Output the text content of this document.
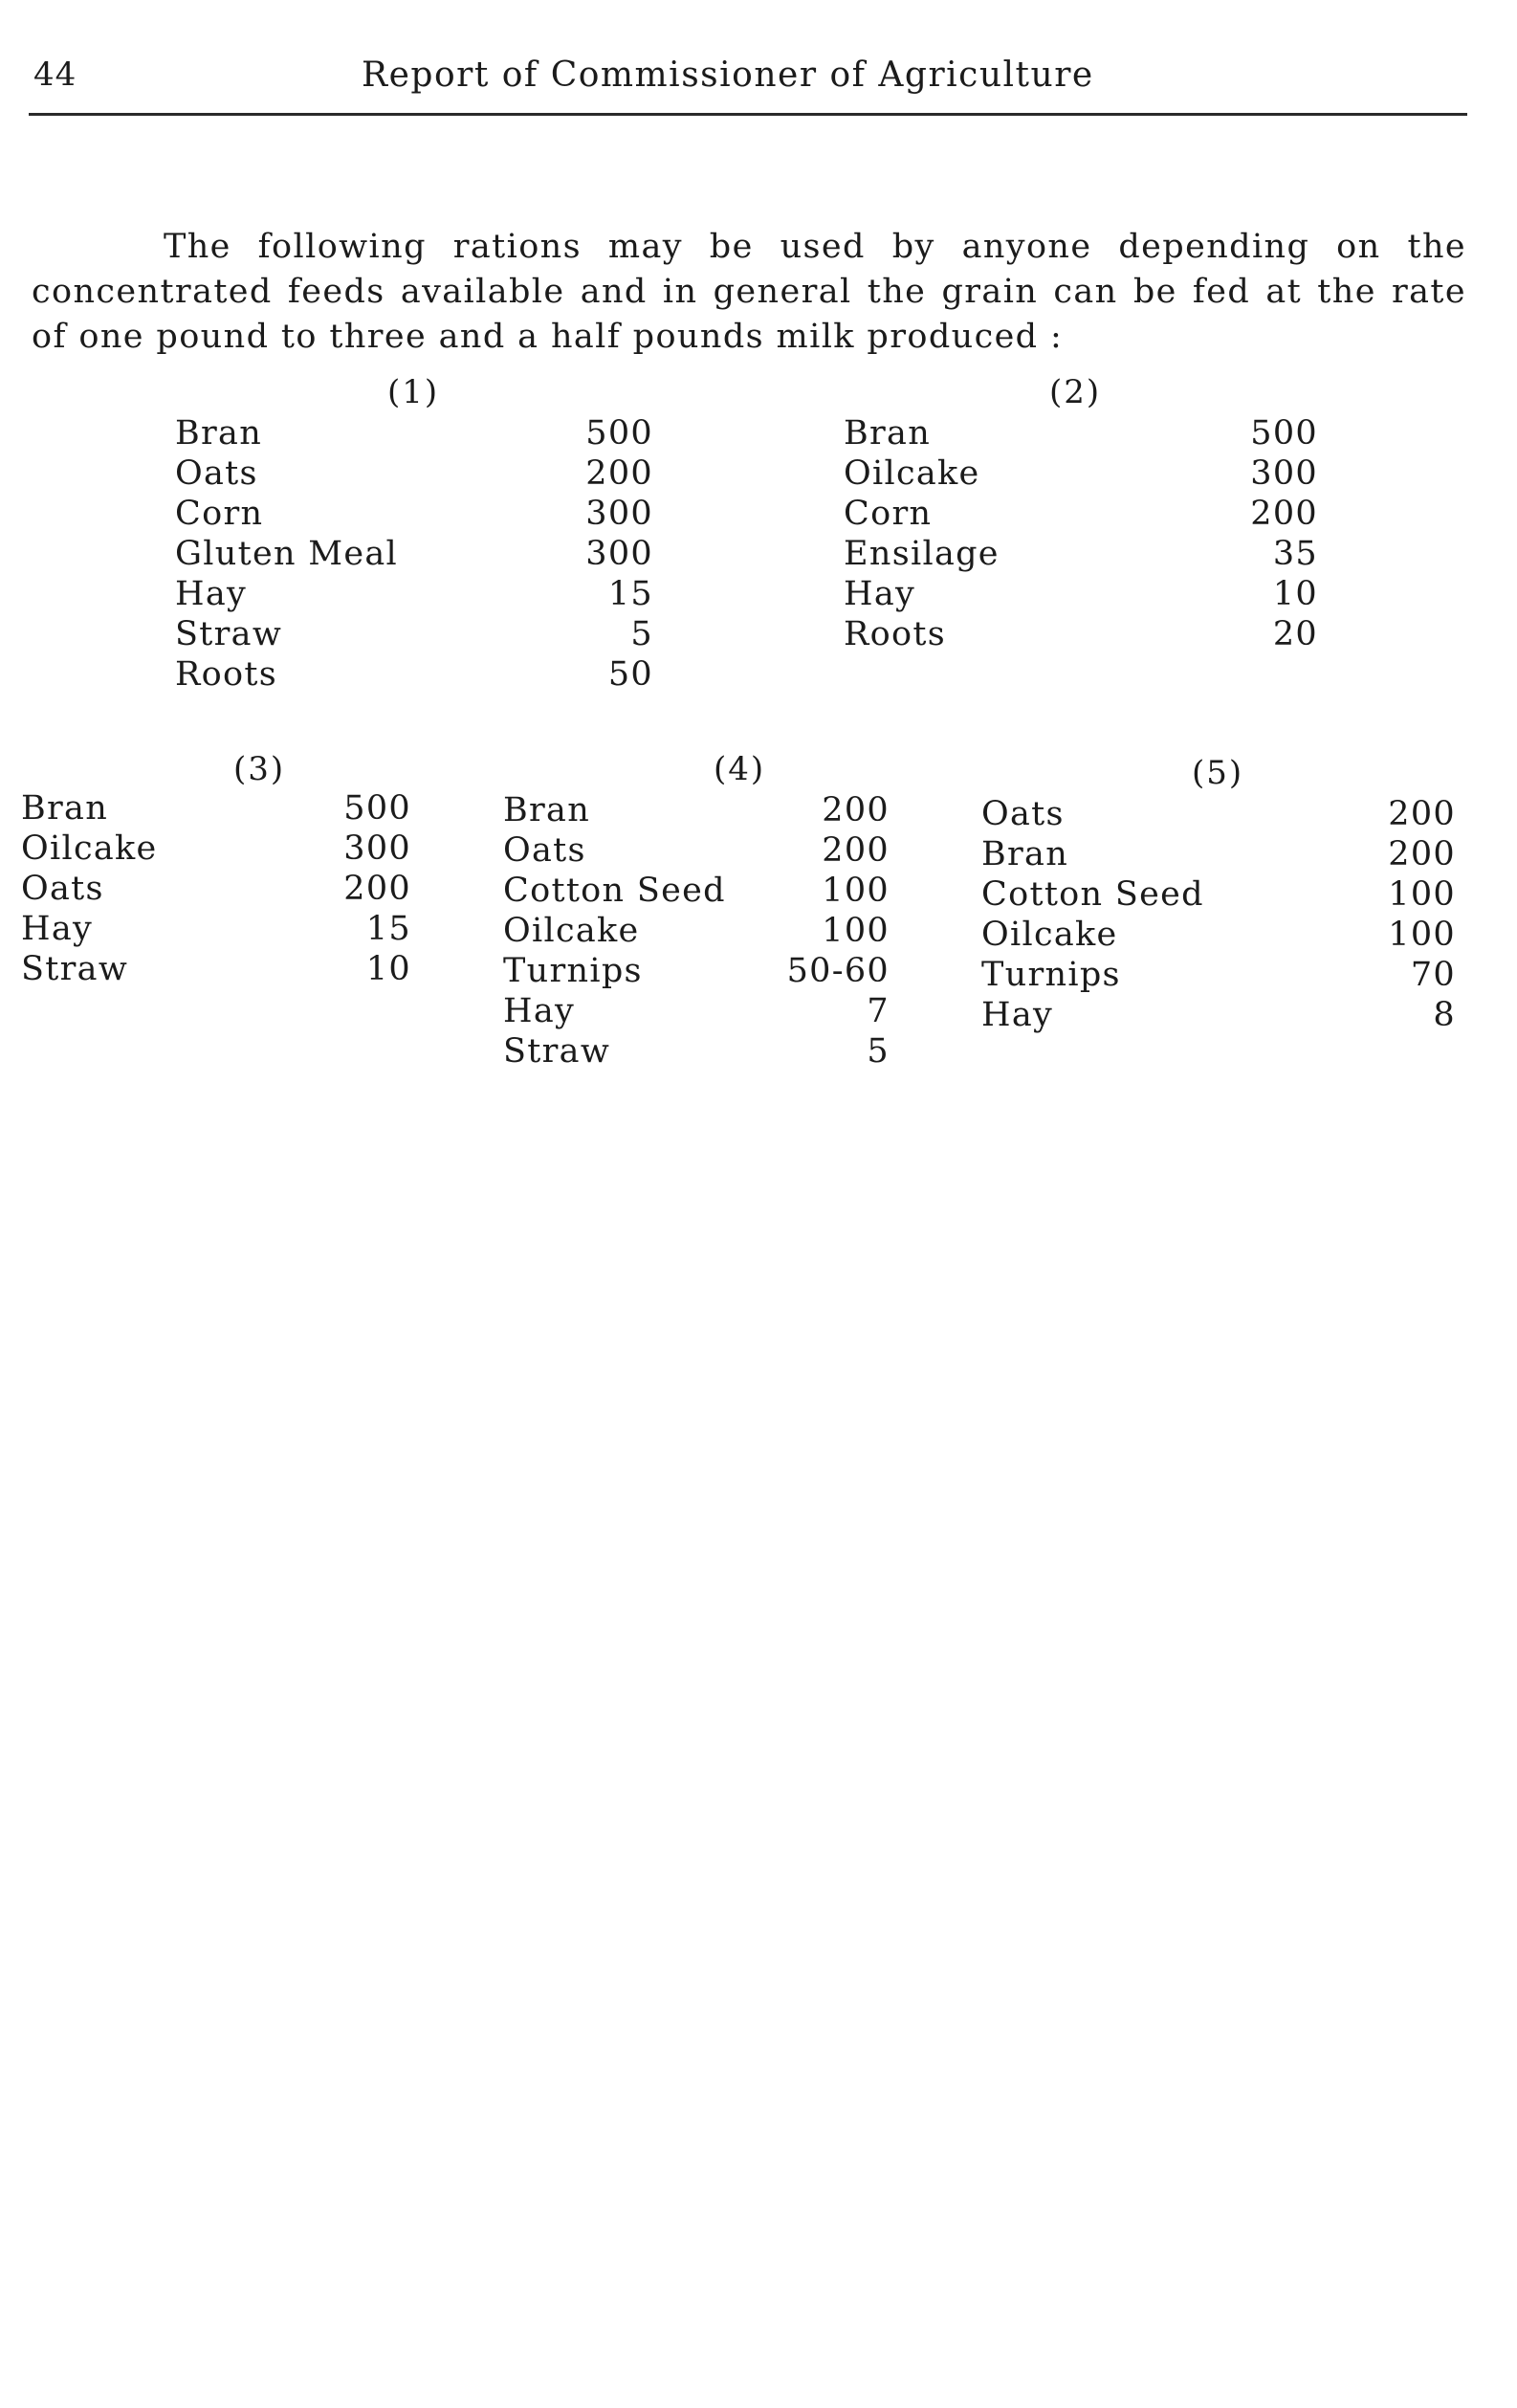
44	Report of Commissioner of Agriculture

The following rations may be used by anyone depending on the concentrated feeds available and in general the grain can be fed at the rate of one pound to three and a half pounds milk produced :

(1)
Bran	500
Oats	200
Corn	300
Gluten Meal	300
Hay	15
Straw	5
Roots	50
(2)
Bran	500
Oilcake	300
Corn	200
Ensilage	35
Hay	10
Roots	20
(3)
Bran	500
Oilcake	300
Oats	200
Hay	15
Straw	10
(4)
Bran	200
Oats	200
Cotton Seed	100
Oilcake	100
Turnips	50-60
Hay	7
Straw	5
(5)
Oats	200
Bran	200
Cotton Seed	100
Oilcake	100
Turnips	70
Hay	8
